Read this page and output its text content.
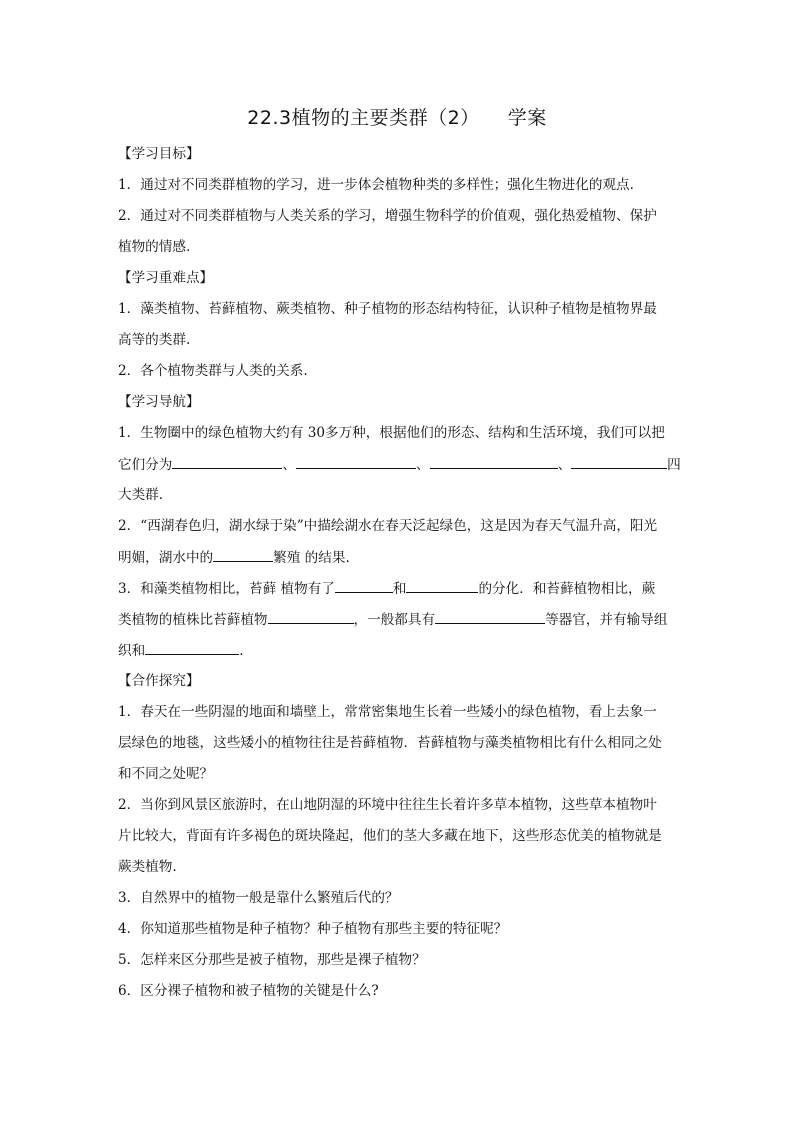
22.3植物的主要类群（2） 学案
【学习目标】
1．通过对不同类群植物的学习，进一步体会植物种类的多样性；强化生物进化的观点.
2．通过对不同类群植物与人类关系的学习，增强生物科学的价值观，强化热爱植物、保护
植物的情感.
【学习重难点】
1．藻类植物、苔藓植物、蕨类植物、种子植物的形态结构特征，认识种子植物是植物界最
高等的类群.
2．各个植物类群与人类的关系.
【学习导航】
1．生物圈中的绿色植物大约有 30多万种，根据他们的形态、结构和生活环境，我们可以把
它们分为	、	、	、	四
大类群.
2．“西湖春色归，湖水绿于染”中描绘湖水在春天泛起绿色，这是因为春天气温升高，阳光
明媚，湖水中的	繁殖 的结果.
3．和藻类植物相比，苔藓 植物有了	和	的分化．和苔藓植物相比，蕨
类植物的植株比苔藓植物	，一般都具有	等器官，并有输导组
织和	.
【合作探究】
1．春天在一些阴湿的地面和墙壁上，常常密集地生长着一些矮小的绿色植物，看上去象一
层绿色的地毯，这些矮小的植物往往是苔藓植物．苔藓植物与藻类植物相比有什么相同之处
和不同之处呢？
2．当你到风景区旅游时，在山地阴湿的环境中往往生长着许多草本植物，这些草本植物叶
片比较大，背面有许多褐色的斑块隆起，他们的茎大多藏在地下，这些形态优美的植物就是
蕨类植物.
3．自然界中的植物一般是靠什么繁殖后代的？
4．你知道那些植物是种子植物？种子植物有那些主要的特征呢？
5．怎样来区分那些是被子植物，那些是裸子植物？
6．区分裸子植物和被子植物的关键是什么?
